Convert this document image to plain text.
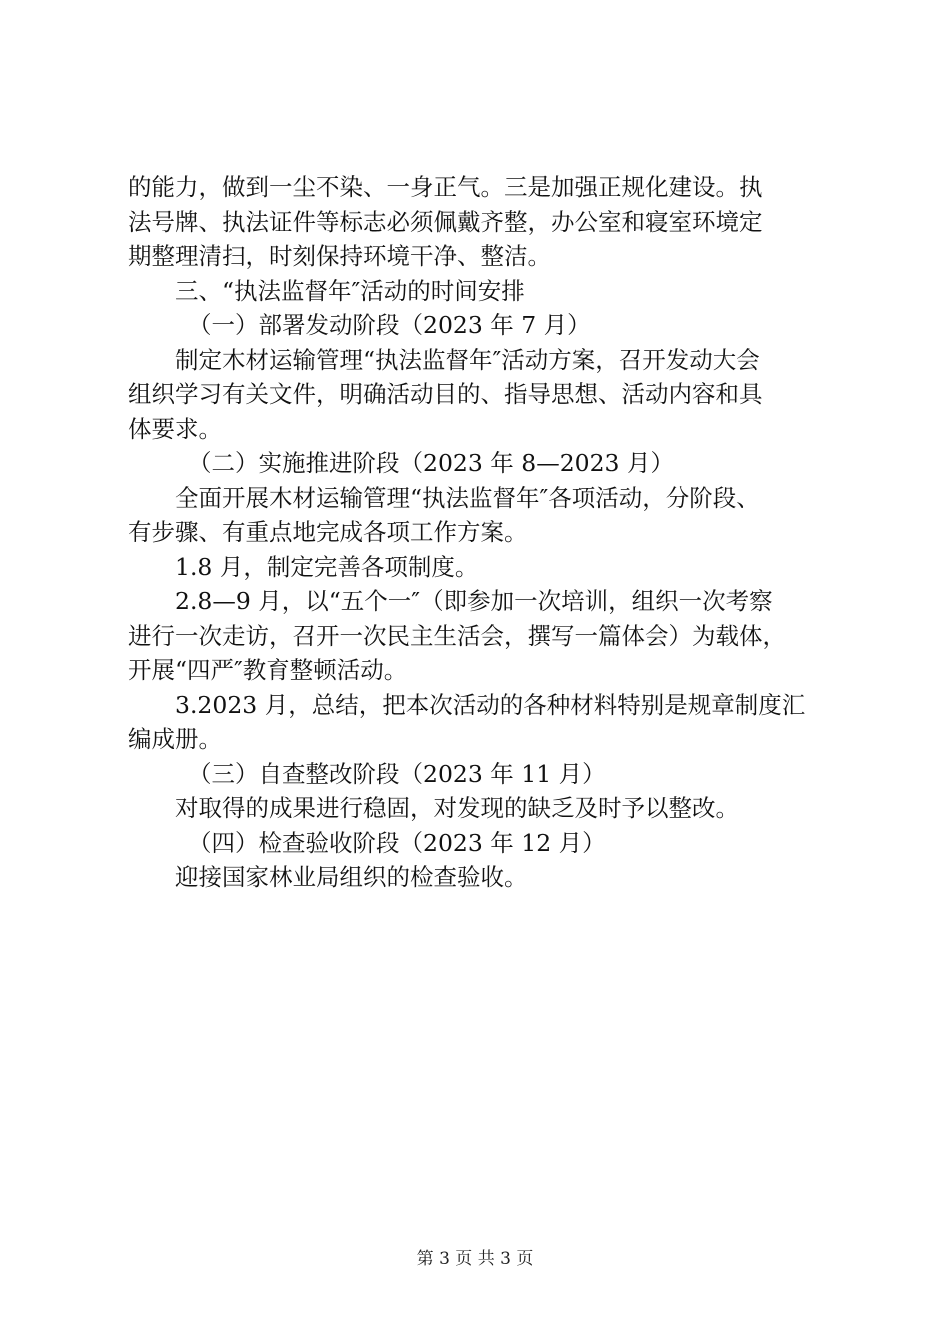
的能力，做到一尘不染、一身正气。三是加强正规化建设。执
法号牌、执法证件等标志必须佩戴齐整，办公室和寝室环境定
期整理清扫，时刻保持环境干净、整洁。
三、“执法监督年″活动的时间安排
（一）部署发动阶段（2023 年 7 月）
制定木材运输管理“执法监督年″活动方案，召开发动大会
组织学习有关文件，明确活动目的、指导思想、活动内容和具
体要求。
（二）实施推进阶段（2023 年 8—2023 月）
全面开展木材运输管理“执法监督年″各项活动，分阶段、
有步骤、有重点地完成各项工作方案。
1.8 月，制定完善各项制度。
2.8—9 月，以“五个一″（即参加一次培训，组织一次考察
进行一次走访，召开一次民主生活会，撰写一篇体会）为载体，
开展“四严″教育整顿活动。
3.2023 月，总结，把本次活动的各种材料特别是规章制度汇
编成册。
（三）自查整改阶段（2023 年 11 月）
对取得的成果进行稳固，对发现的缺乏及时予以整改。
（四）检查验收阶段（2023 年 12 月）
迎接国家林业局组织的检查验收。
第 3 页 共 3 页
